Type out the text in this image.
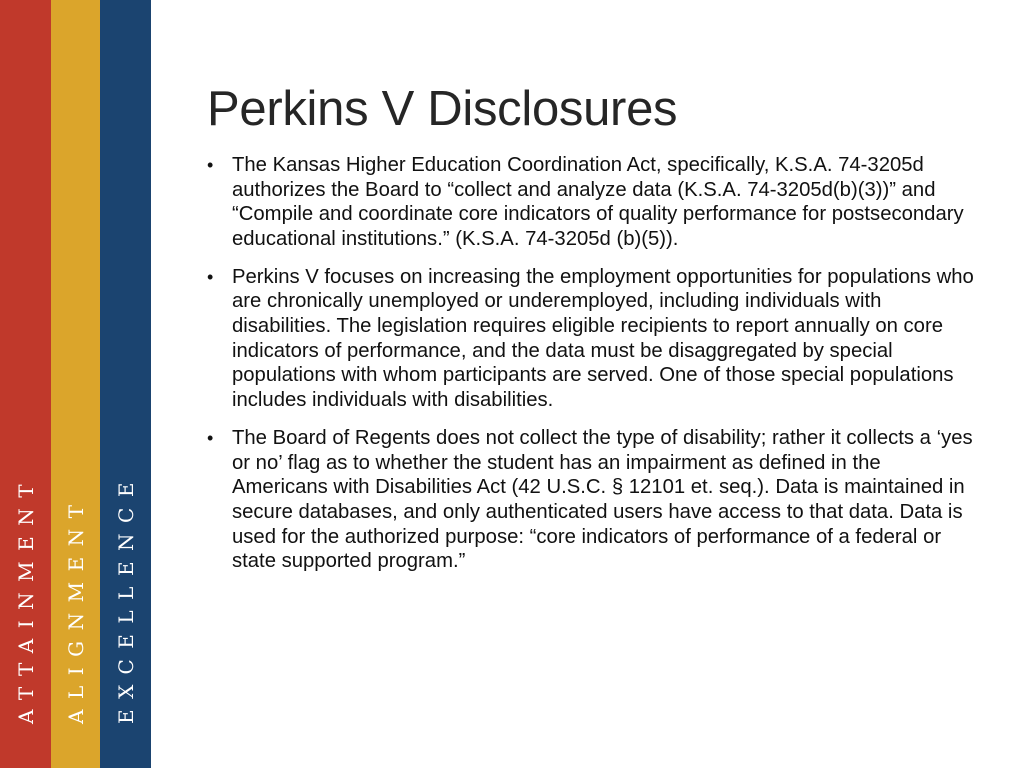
ATTAINMENT ALIGNMENT EXCELLENCE
Perkins V Disclosures
• The Kansas Higher Education Coordination Act, specifically, K.S.A. 74-3205d authorizes the Board to “collect and analyze data (K.S.A. 74-3205d(b)(3))” and “Compile and coordinate core indicators of quality performance for postsecondary educational institutions.” (K.S.A. 74-3205d (b)(5)).
• Perkins V focuses on increasing the employment opportunities for populations who are chronically unemployed or underemployed, including individuals with disabilities. The legislation requires eligible recipients to report annually on core indicators of performance, and the data must be disaggregated by special populations with whom participants are served. One of those special populations includes individuals with disabilities.
• The Board of Regents does not collect the type of disability; rather it collects a ‘yes or no’ flag as to whether the student has an impairment as defined in the Americans with Disabilities Act (42 U.S.C. § 12101 et. seq.). Data is maintained in secure databases, and only authenticated users have access to that data. Data is used for the authorized purpose: “core indicators of performance of a federal or state supported program.”
